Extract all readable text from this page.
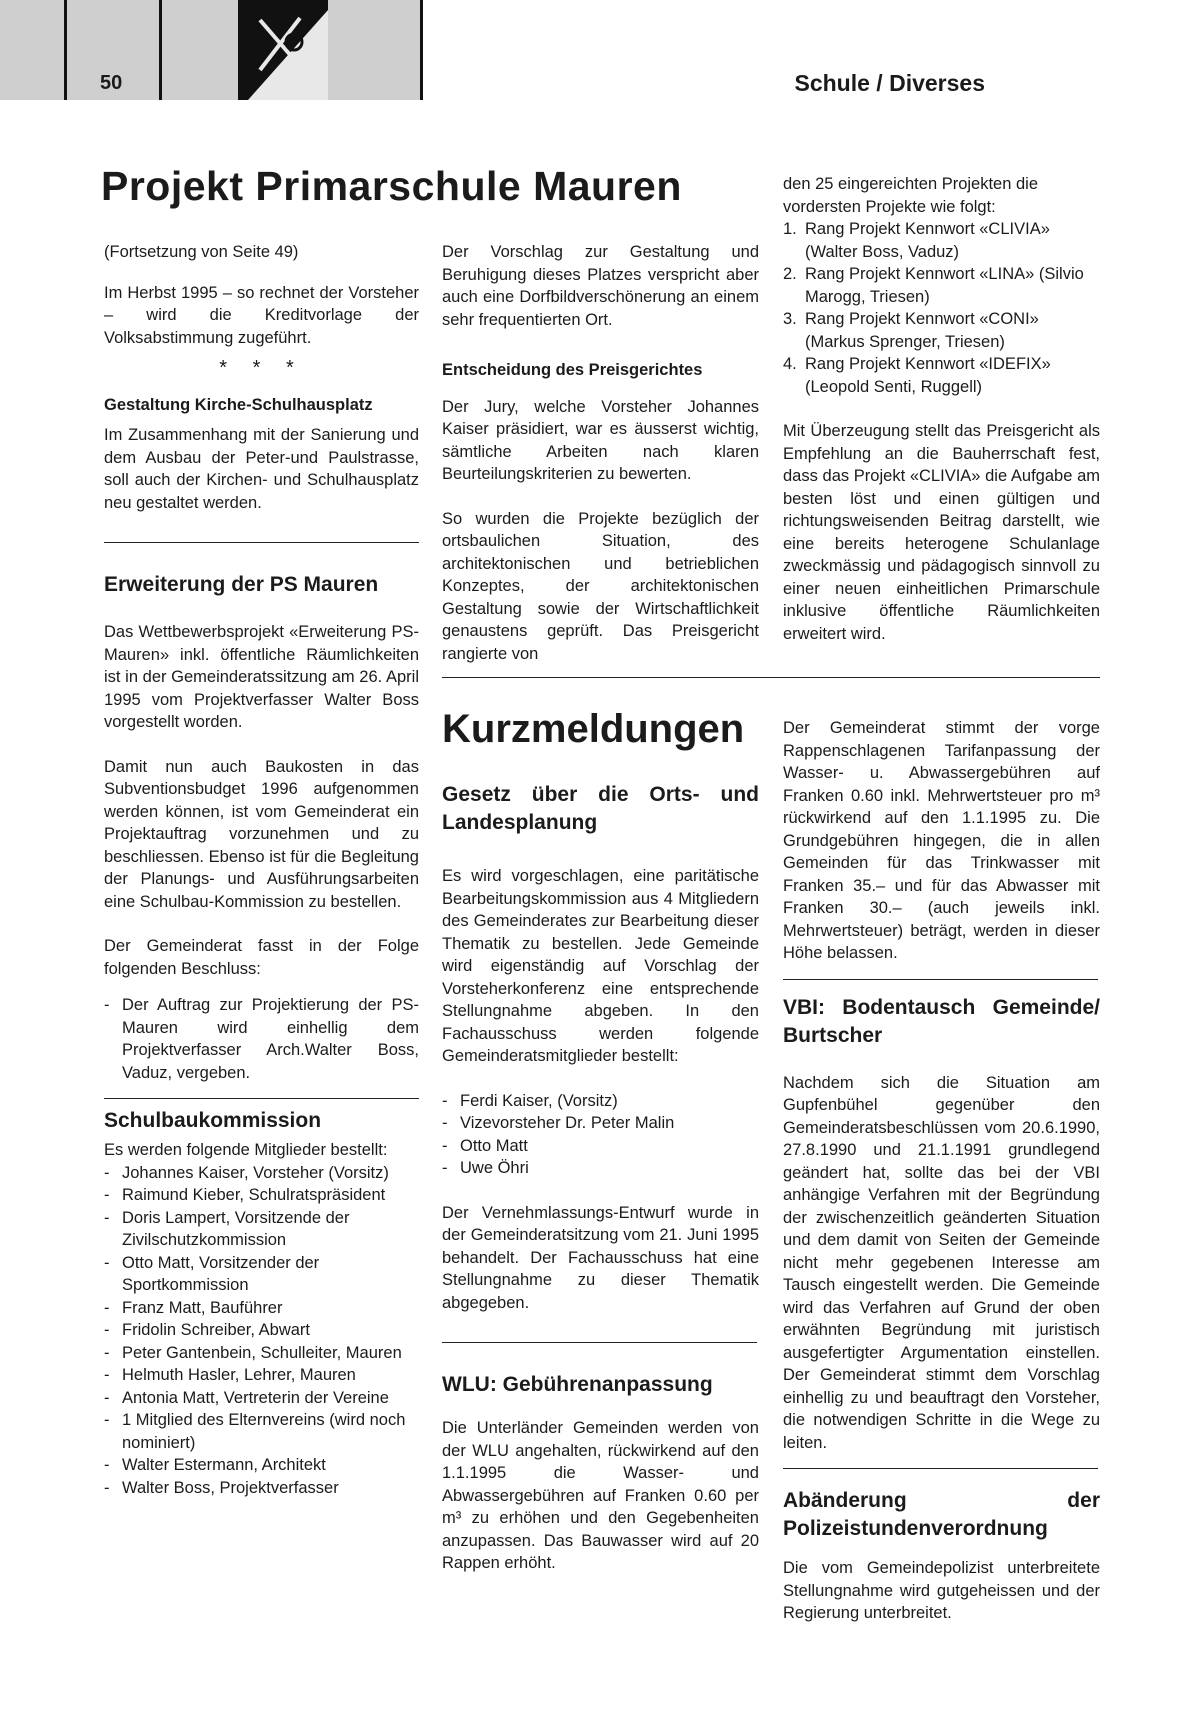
50	Schule / Diverses
Projekt Primarschule Mauren

(Fortsetzung von Seite 49)

Im Herbst 1995 – so rechnet der Vorsteher – wird die Kreditvorlage der Volksabstimmung zugeführt.

* * *

Gestaltung Kirche-Schulhausplatz

Im Zusammenhang mit der Sanierung und dem Ausbau der Peter-und Paulstrasse, soll auch der Kirchen- und Schulhausplatz neu gestaltet werden.

Erweiterung der PS Mauren

Das Wettbewerbsprojekt «Erweiterung PS-Mauren» inkl. öffentliche Räumlichkeiten ist in der Gemeinderatssitzung am 26. April 1995 vom Projektverfasser Walter Boss vorgestellt worden.

Damit nun auch Baukosten in das Subventionsbudget 1996 aufgenommen werden können, ist vom Gemeinderat ein Projektauftrag vorzunehmen und zu beschliessen. Ebenso ist für die Begleitung der Planungs- und Ausführungsarbeiten eine Schulbau-Kommission zu bestellen.

Der Gemeinderat fasst in der Folge folgenden Beschluss:

- Der Auftrag zur Projektierung der PS-Mauren wird einhellig dem Projektverfasser Arch.Walter Boss, Vaduz, vergeben.

Schulbaukommission

Es werden folgende Mitglieder bestellt:

- Johannes Kaiser, Vorsteher (Vorsitz)
- Raimund Kieber, Schulratspräsident
- Doris Lampert, Vorsitzende der Zivilschutzkommission
- Otto Matt, Vorsitzender der Sportkommission
- Franz Matt, Bauführer
- Fridolin Schreiber, Abwart
- Peter Gantenbein, Schulleiter, Mauren
- Helmuth Hasler, Lehrer, Mauren
- Antonia Matt, Vertreterin der Vereine
- 1 Mitglied des Elternvereins (wird noch nominiert)
- Walter Estermann, Architekt
- Walter Boss, Projektverfasser

Der Vorschlag zur Gestaltung und Beruhigung dieses Platzes verspricht aber auch eine Dorfbildverschönerung an einem sehr frequentierten Ort.

Entscheidung des Preisgerichtes

Der Jury, welche Vorsteher Johannes Kaiser präsidiert, war es äusserst wichtig, sämtliche Arbeiten nach klaren Beurteilungskriterien zu bewerten.

So wurden die Projekte bezüglich der ortsbaulichen Situation, des architektonischen und betrieblichen Konzeptes, der architektonischen Gestaltung sowie der Wirtschaftlichkeit genaustens geprüft. Das Preisgericht rangierte von

den 25 eingereichten Projekten die vordersten Projekte wie folgt:

1. Rang Projekt Kennwort «CLIVIA» (Walter Boss, Vaduz)
2. Rang Projekt Kennwort «LINA» (Silvio Marogg, Triesen)
3. Rang Projekt Kennwort «CONI» (Markus Sprenger, Triesen)
4. Rang Projekt Kennwort «IDEFIX» (Leopold Senti, Ruggell)

Mit Überzeugung stellt das Preisgericht als Empfehlung an die Bauherrschaft fest, dass das Projekt «CLIVIA» die Aufgabe am besten löst und einen gültigen und richtungsweisenden Beitrag darstellt, wie eine bereits heterogene Schulanlage zweckmässig und pädagogisch sinnvoll zu einer neuen einheitlichen Primarschule inklusive öffentliche Räumlichkeiten erweitert wird.

Kurzmeldungen

Gesetz über die Orts- und Landesplanung

Es wird vorgeschlagen, eine paritätische Bearbeitungskommission aus 4 Mitgliedern des Gemeinderates zur Bearbeitung dieser Thematik zu bestellen. Jede Gemeinde wird eigenständig auf Vorschlag der Vorsteherkonferenz eine entsprechende Stellungnahme abgeben. In den Fachausschuss werden folgende Gemeinderatsmitglieder bestellt:

- Ferdi Kaiser, (Vorsitz)
- Vizevorsteher Dr. Peter Malin
- Otto Matt
- Uwe Öhri

Der Vernehmlassungs-Entwurf wurde in der Gemeinderatsitzung vom 21. Juni 1995 behandelt. Der Fachausschuss hat eine Stellungnahme zu dieser Thematik abgegeben.

WLU: Gebührenanpassung

Die Unterländer Gemeinden werden von der WLU angehalten, rückwirkend auf den 1.1.1995 die Wasser- und Abwassergebühren auf Franken 0.60 per m³ zu erhöhen und den Gegebenheiten anzupassen. Das Bauwasser wird auf 20 Rappen erhöht.

Der Gemeinderat stimmt der vorge Rappenschlagenen Tarifanpassung der Wasser- u. Abwassergebühren auf Franken 0.60 inkl. Mehrwertsteuer pro m³ rückwirkend auf den 1.1.1995 zu. Die Grundgebühren hingegen, die in allen Gemeinden für das Trinkwasser mit Franken 35.– und für das Abwasser mit Franken 30.– (auch jeweils inkl. Mehrwertsteuer) beträgt, werden in dieser Höhe belassen.

VBI: Bodentausch Gemeinde/ Burtscher

Nachdem sich die Situation am Gupfenbühel gegenüber den Gemeinderatsbeschlüssen vom 20.6.1990, 27.8.1990 und 21.1.1991 grundlegend geändert hat, sollte das bei der VBI anhängige Verfahren mit der Begründung der zwischenzeitlich geänderten Situation und dem damit von Seiten der Gemeinde nicht mehr gegebenen Interesse am Tausch eingestellt werden. Die Gemeinde wird das Verfahren auf Grund der oben erwähnten Begründung mit juristisch ausgefertigter Argumentation einstellen. Der Gemeinderat stimmt dem Vorschlag einhellig zu und beauftragt den Vorsteher, die notwendigen Schritte in die Wege zu leiten.

Abänderung der Polizeistundenverordnung

Die vom Gemeindepolizist unterbreitete Stellungnahme wird gutgeheissen und der Regierung unterbreitet.
